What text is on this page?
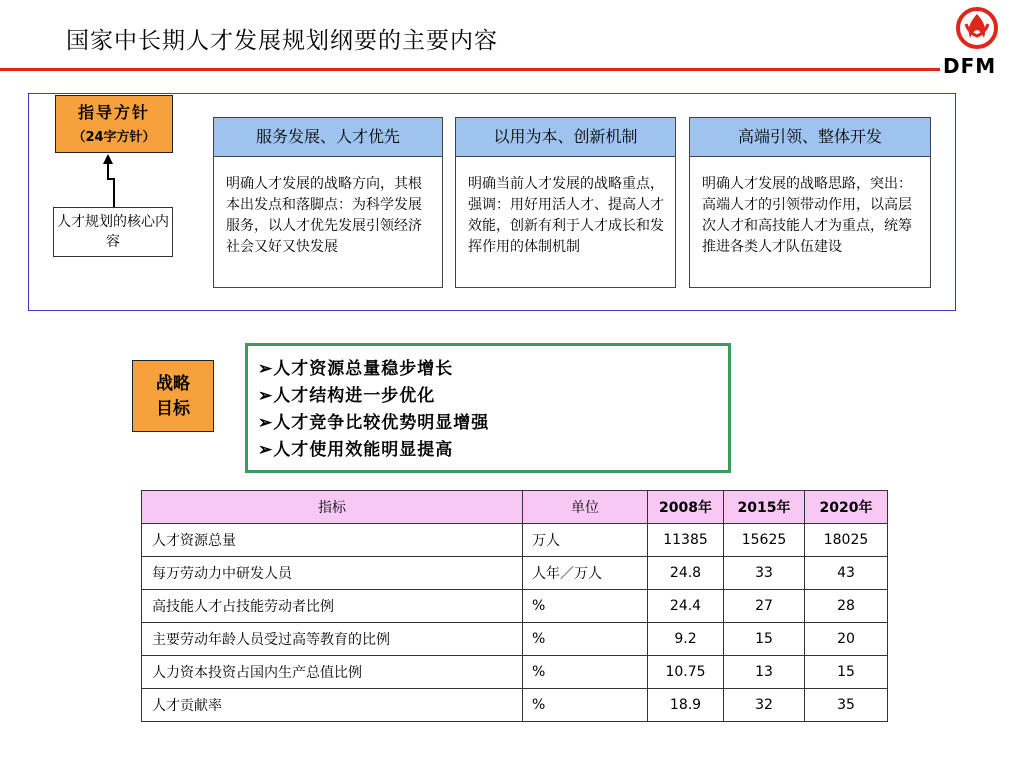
国家中长期人才发展规划纲要的主要内容
DFM
指导方针
（24字方针）
人才规划的核心内容
服务发展、人才优先
明确人才发展的战略方向，其根本出发点和落脚点：为科学发展服务，以人才优先发展引领经济社会又好又快发展
以用为本、创新机制
明确当前人才发展的战略重点，强调：用好用活人才、提高人才效能，创新有利于人才成长和发挥作用的体制机制
高端引领、整体开发
明确人才发展的战略思路，突出：高端人才的引领带动作用，以高层次人才和高技能人才为重点，统筹推进各类人才队伍建设
战略
目标
➢人才资源总量稳步增长
➢人才结构进一步优化
➢人才竞争比较优势明显增强
➢人才使用效能明显提高
指标	单位	2008年	2015年	2020年
人才资源总量	万人	11385	15625	18025
每万劳动力中研发人员	人年／万人	24.8	33	43
高技能人才占技能劳动者比例	%	24.4	27	28
主要劳动年龄人员受过高等教育的比例	%	9.2	15	20
人力资本投资占国内生产总值比例	%	10.75	13	15
人才贡献率	%	18.9	32	35
